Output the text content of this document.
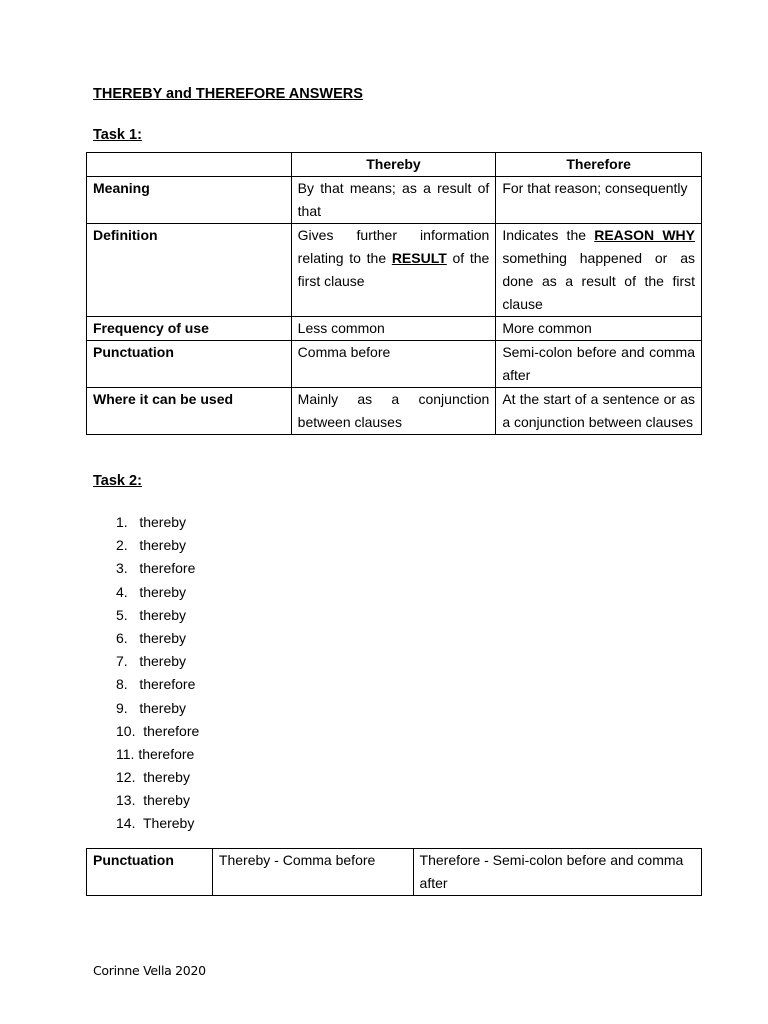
THEREBY and THEREFORE ANSWERS
Task 1:
	Thereby	Therefore
Meaning	By that means; as a result of that	For that reason; consequently
Definition	Gives further information relating to the RESULT of the first clause	Indicates the REASON WHY something happened or as done as a result of the first clause
Frequency of use	Less common	More common
Punctuation	Comma before	Semi-colon before and comma after
Where it can be used	Mainly as a conjunction between clauses	At the start of a sentence or as a conjunction between clauses
Task 2:
1.   thereby
2.   thereby
3.   therefore
4.   thereby
5.   thereby
6.   thereby
7.   thereby
8.   therefore
9.   thereby
10.  therefore
11. therefore
12.  thereby
13.  thereby
14.  Thereby
Punctuation	Thereby - Comma before	Therefore - Semi-colon before and comma after
Corinne Vella 2020
